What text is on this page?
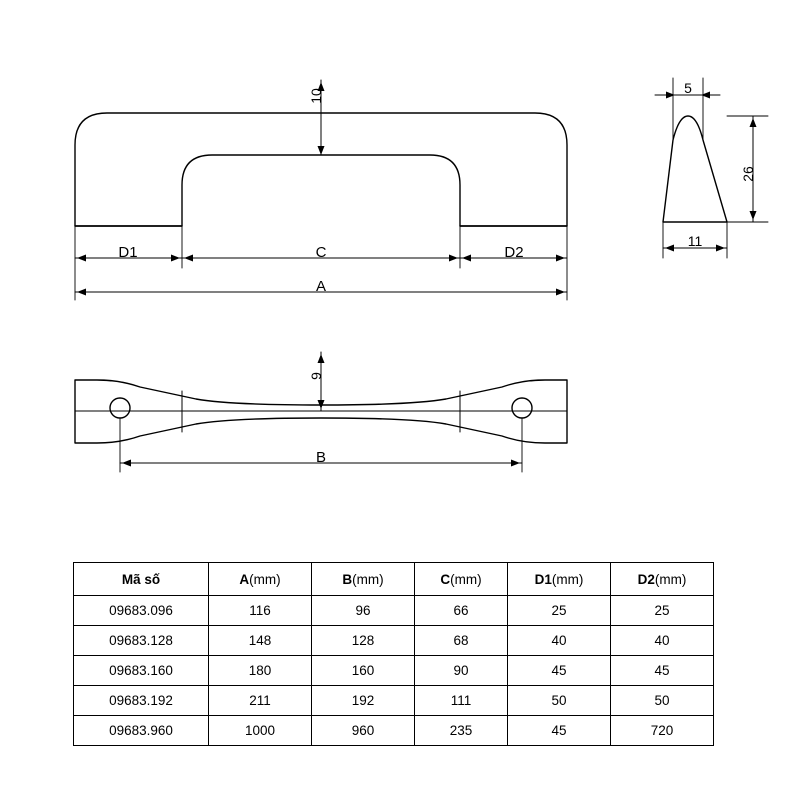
10
D1	C	D2
A
5
26
11
9
B
Mã số	A(mm)	B(mm)	C(mm)	D1(mm)	D2(mm)
09683.096	116	96	66	25	25
09683.128	148	128	68	40	40
09683.160	180	160	90	45	45
09683.192	211	192	111	50	50
09683.960	1000	960	235	45	720
